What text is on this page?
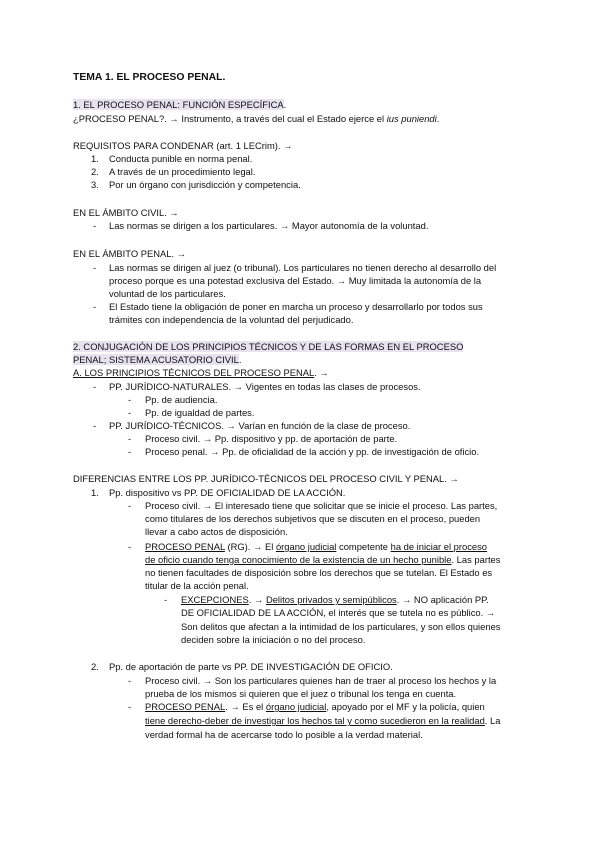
TEMA 1. EL PROCESO PENAL.
1. EL PROCESO PENAL: FUNCIÓN ESPECÍFICA.
¿PROCESO PENAL?. → Instrumento, a través del cual el Estado ejerce el ius puniendi.
REQUISITOS PARA CONDENAR (art. 1 LECrim). →
1. Conducta punible en norma penal.
2. A través de un procedimiento legal.
3. Por un órgano con jurisdicción y competencia.
EN EL ÁMBITO CIVIL. →
- Las normas se dirigen a los particulares. → Mayor autonomía de la voluntad.
EN EL ÁMBITO PENAL. →
- Las normas se dirigen al juez (o tribunal). Los particulares no tienen derecho al desarrollo del
proceso porque es una potestad exclusiva del Estado. → Muy limitada la autonomía de la
voluntad de los particulares.
- El Estado tiene la obligación de poner en marcha un proceso y desarrollarlo por todos sus
trámites con independencia de la voluntad del perjudicado.
2. CONJUGACIÓN DE LOS PRINCIPIOS TÉCNICOS Y DE LAS FORMAS EN EL PROCESO
PENAL; SISTEMA ACUSATORIO CIVIL.
A. LOS PRINCIPIOS TÉCNICOS DEL PROCESO PENAL. →
- PP. JURÍDICO-NATURALES. → Vigentes en todas las clases de procesos.
- Pp. de audiencia.
- Pp. de igualdad de partes.
- PP. JURÍDICO-TÉCNICOS. → Varían en función de la clase de proceso.
- Proceso civil. → Pp. dispositivo y pp. de aportación de parte.
- Proceso penal. → Pp. de oficialidad de la acción y pp. de investigación de oficio.
DIFERENCIAS ENTRE LOS PP. JURÍDICO-TÉCNICOS DEL PROCESO CIVIL Y PENAL. →
1. Pp. dispositivo vs PP. DE OFICIALIDAD DE LA ACCIÓN.
- Proceso civil. → El interesado tiene que solicitar que se inicie el proceso. Las partes,
como titulares de los derechos subjetivos que se discuten en el proceso, pueden
llevar a cabo actos de disposición.
- PROCESO PENAL (RG). → El órgano judicial competente ha de iniciar el proceso
de oficio cuando tenga conocimiento de la existencia de un hecho punible. Las partes
no tienen facultades de disposición sobre los derechos que se tutelan. El Estado es
titular de la acción penal.
- EXCEPCIONES. → Delitos privados y semipúblicos. → NO aplicación PP.
DE OFICIALIDAD DE LA ACCIÓN, el interés que se tutela no es público. →
Son delitos que afectan a la intimidad de los particulares, y son ellos quienes
deciden sobre la iniciación o no del proceso.
2. Pp. de aportación de parte vs PP. DE INVESTIGACIÓN DE OFICIO.
- Proceso civil. → Son los particulares quienes han de traer al proceso los hechos y la
prueba de los mismos si quieren que el juez o tribunal los tenga en cuenta.
- PROCESO PENAL. → Es el órgano judicial, apoyado por el MF y la policía, quien
tiene derecho-deber de investigar los hechos tal y como sucedieron en la realidad. La
verdad formal ha de acercarse todo lo posible a la verdad material.
